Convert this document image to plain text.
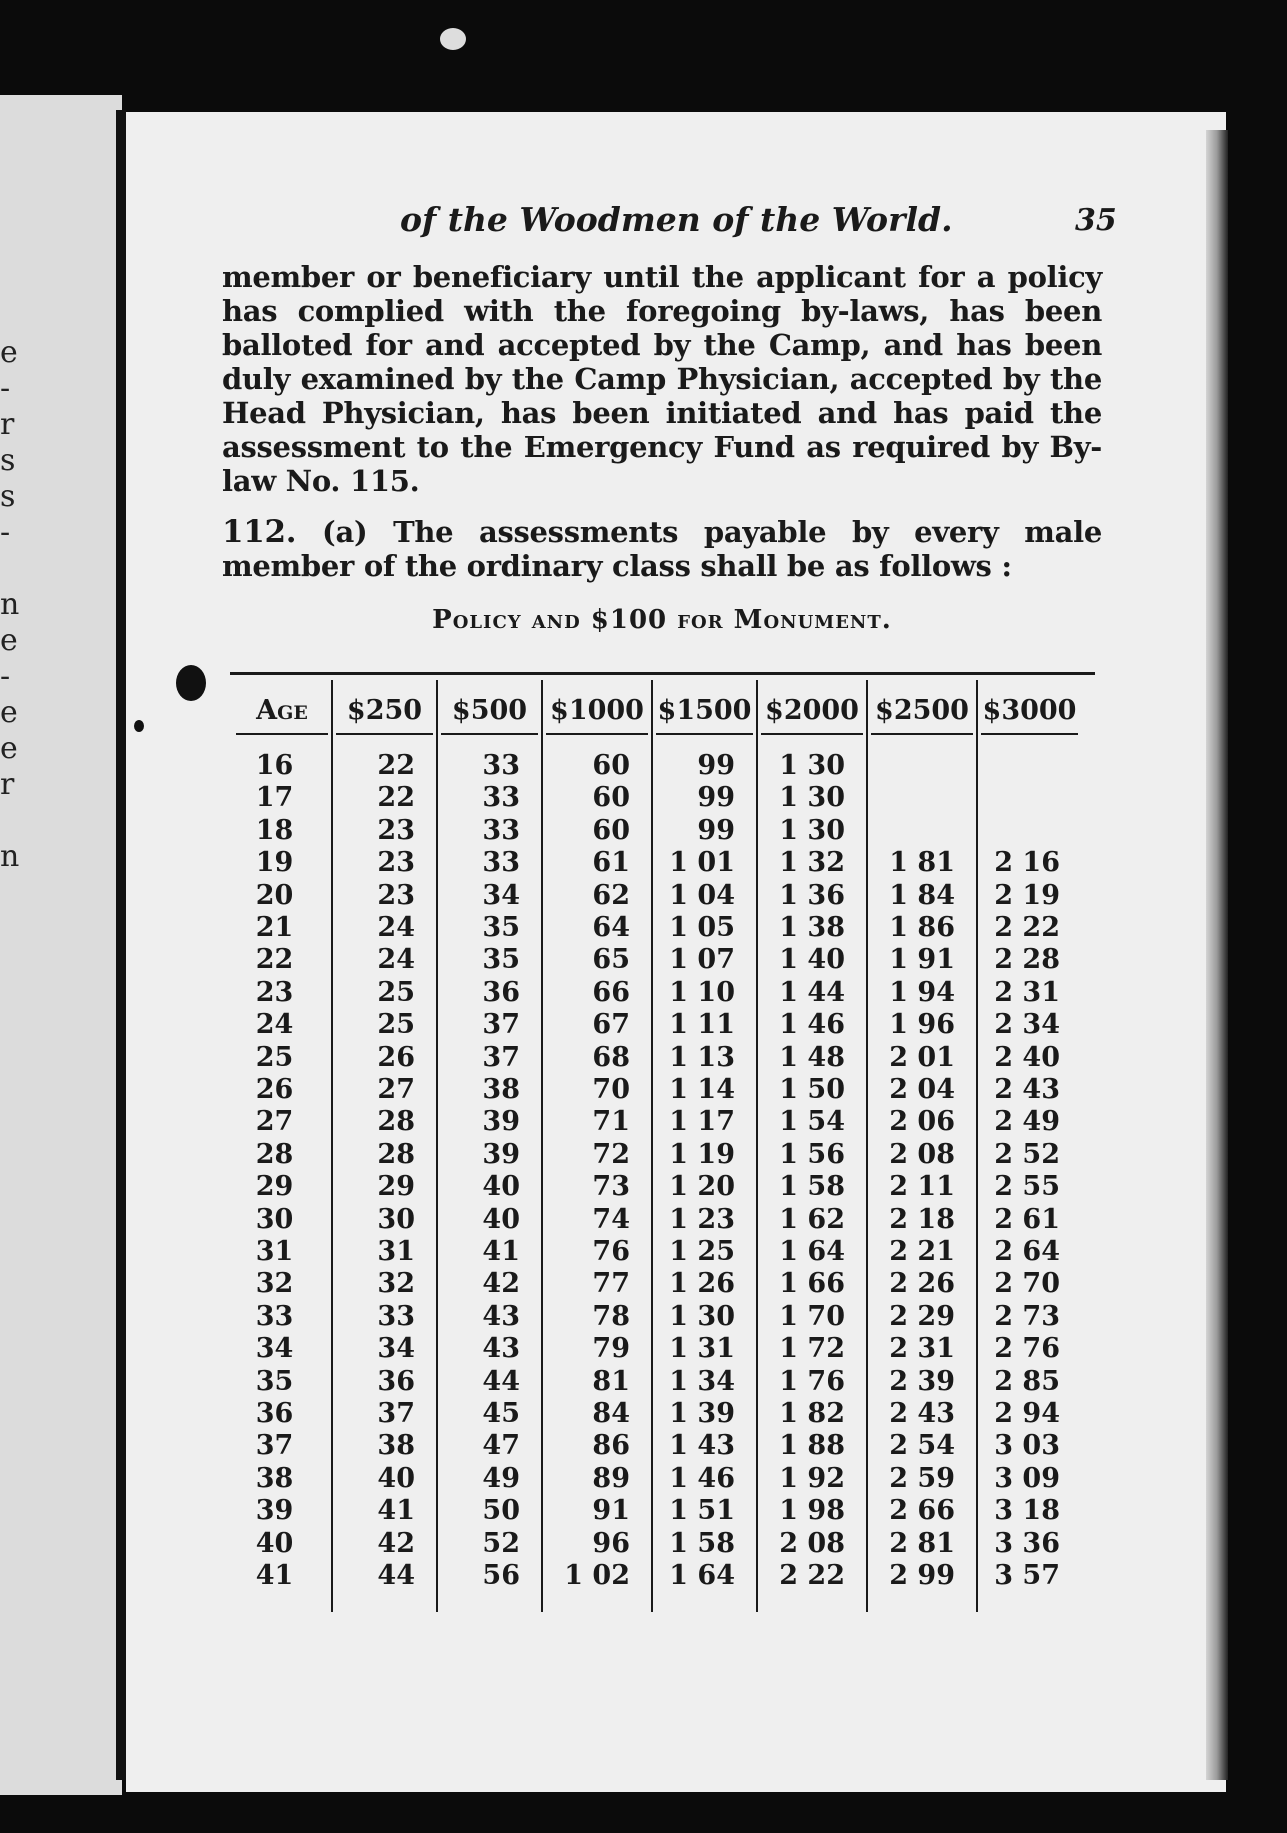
e
-
r
s
s
-
n
e
-
e
e
r
n
of the Woodmen of the World.	35
member or beneficiary until the applicant for a policy has complied with the foregoing by-laws, has been balloted for and accepted by the Camp, and has been duly examined by the Camp Physician, accepted by the Head Physician, has been initiated and has paid the assessment to the Emergency Fund as required by By-law No. 115.
112. (a) The assessments payable by every male member of the ordinary class shall be as follows :
Policy and $100 for Monument.
Age	$250	$500 $1000 $1500 $2000 $2500 $3000
16	22	33	60	99	1 30
17	22	33	60	99	1 30
18	23	33	60	99	1 30
19	23	33	61	1 01	1 32	1 81	2 16
20	23	34	62	1 04	1 36	1 84	2 19
21	24	35	64	1 05	1 38	1 86	2 22
22	24	35	65	1 07	1 40	1 91	2 28
23	25	36	66	1 10	1 44	1 94	2 31
24	25	37	67	1 11	1 46	1 96	2 34
25	26	37	68	1 13	1 48	2 01	2 40
26	27	38	70	1 14	1 50	2 04	2 43
27	28	39	71	1 17	1 54	2 06	2 49
28	28	39	72	1 19	1 56	2 08	2 52
29	29	40	73	1 20	1 58	2 11	2 55
30	30	40	74	1 23	1 62	2 18	2 61
31	31	41	76	1 25	1 64	2 21	2 64
32	32	42	77	1 26	1 66	2 26	2 70
33	33	43	78	1 30	1 70	2 29	2 73
34	34	43	79	1 31	1 72	2 31	2 76
35	36	44	81	1 34	1 76	2 39	2 85
36	37	45	84	1 39	1 82	2 43	2 94
37	38	47	86	1 43	1 88	2 54	3 03
38	40	49	89	1 46	1 92	2 59	3 09
39	41	50	91	1 51	1 98	2 66	3 18
40	42	52	96	1 58	2 08	2 81	3 36
41	44	56	1 02	1 64	2 22	2 99	3 57
